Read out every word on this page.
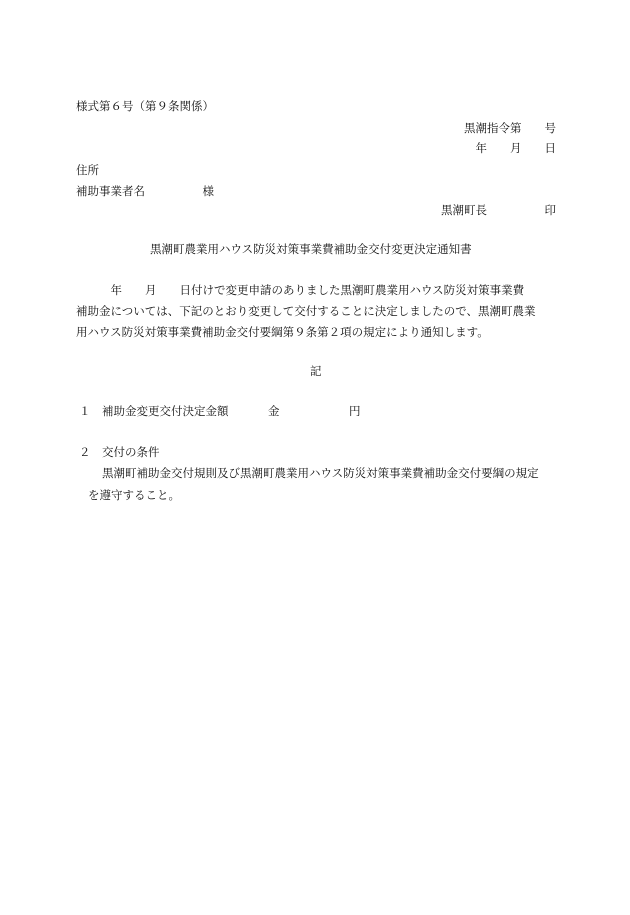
様式第６号（第９条関係）
黒潮指令第　　号
年　　月　　日
住所
補助事業者名　　　　　様
黒潮町長　　　　　印
黒潮町農業用ハウス防災対策事業費補助金交付変更決定通知書
　　　年　　月　　日付けで変更申請のありました黒潮町農業用ハウス防災対策事業費
補助金については、下記のとおり変更して交付することに決定しましたので、黒潮町農業
用ハウス防災対策事業費補助金交付要綱第９条第２項の規定により通知します。
記
１　補助金変更交付決定金額	金	円
２　交付の条件
黒潮町補助金交付規則及び黒潮町農業用ハウス防災対策事業費補助金交付要綱の規定
を遵守すること。
